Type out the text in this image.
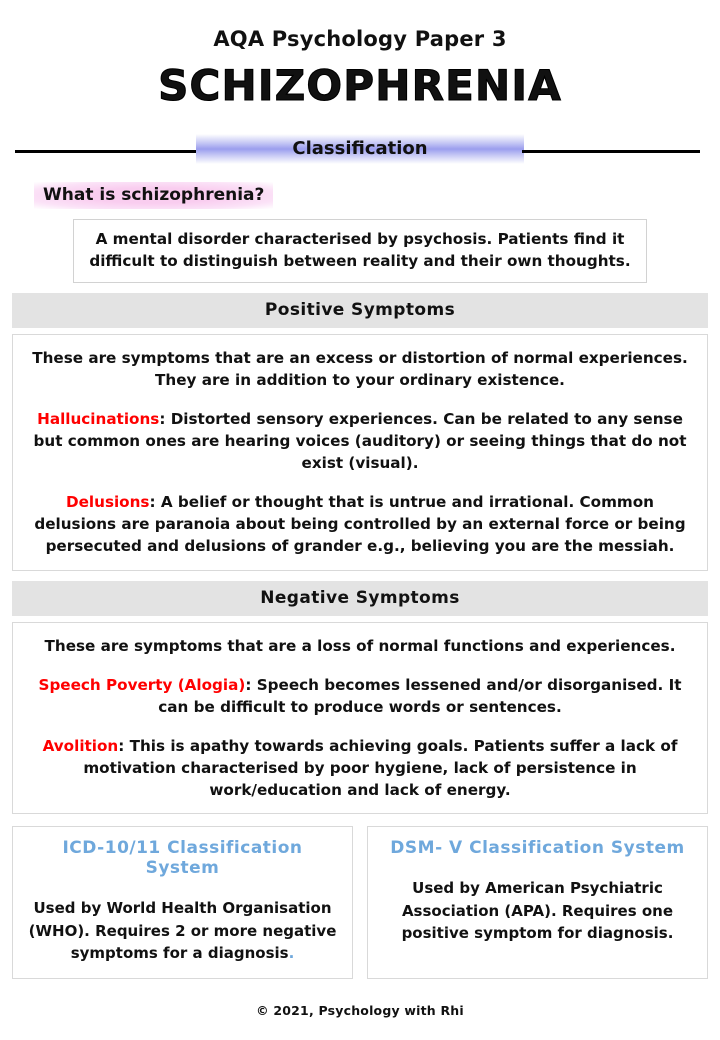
AQA Psychology Paper 3
SCHIZOPHRENIA
Classification
What is schizophrenia?
A mental disorder characterised by psychosis. Patients find it difficult to distinguish between reality and their own thoughts.
Positive Symptoms

These are symptoms that are an excess or distortion of normal experiences. They are in addition to your ordinary existence.

Hallucinations: Distorted sensory experiences. Can be related to any sense but common ones are hearing voices (auditory) or seeing things that do not exist (visual).

Delusions: A belief or thought that is untrue and irrational. Common delusions are paranoia about being controlled by an external force or being persecuted and delusions of grander e.g., believing you are the messiah.

Negative Symptoms

These are symptoms that are a loss of normal functions and experiences.

Speech Poverty (Alogia): Speech becomes lessened and/or disorganised. It can be difficult to produce words or sentences.

Avolition: This is apathy towards achieving goals. Patients suffer a lack of motivation characterised by poor hygiene, lack of persistence in work/education and lack of energy.

ICD-10/11 Classification System
Used by World Health Organisation (WHO). Requires 2 or more negative symptoms for a diagnosis.
DSM- V Classification System
Used by American Psychiatric Association (APA). Requires one positive symptom for diagnosis.
© 2021, Psychology with Rhi
